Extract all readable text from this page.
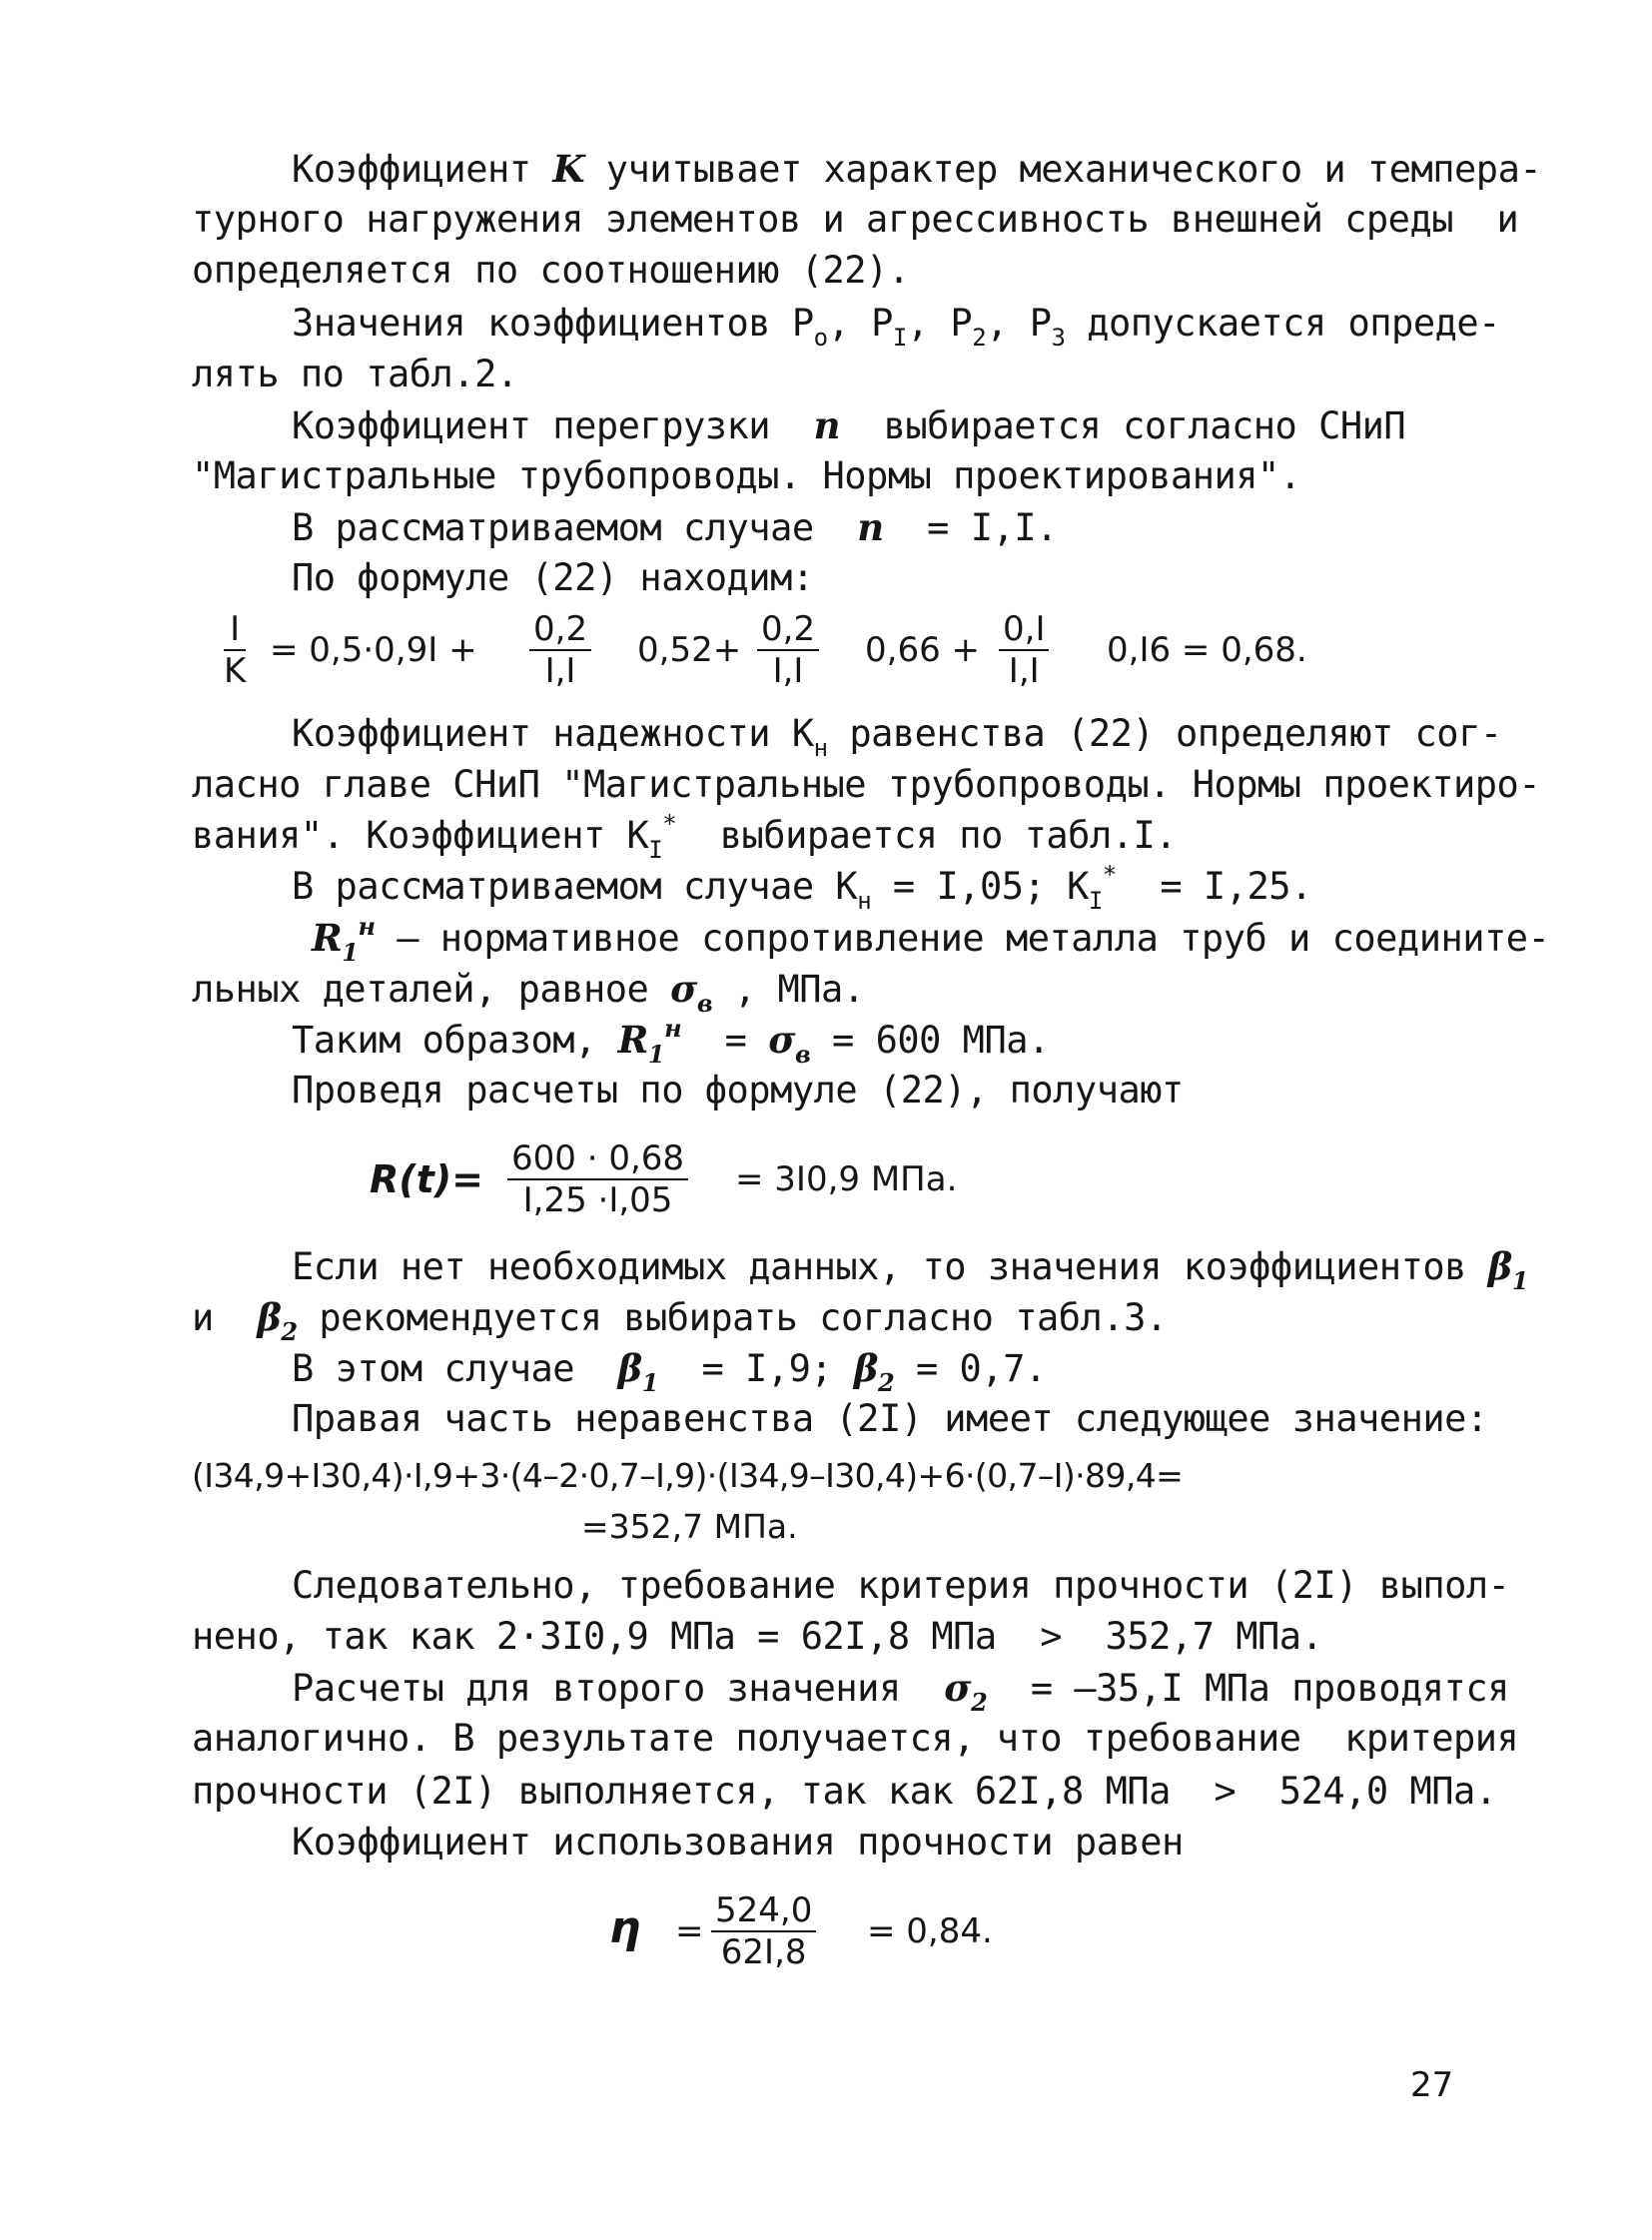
Коэффициент K учитывает характер механического и темпера-
турного нагружения элементов и агрессивность внешней среды  и
определяется по соотношению (22).
Значения коэффициентов $P_o$, $P_I$, $P_2$, $P_3$ допускается опреде-
лять по табл.2.
Коэффициент перегрузки  n  выбирается согласно СНиП
"Магистральные трубопроводы. Нормы проектирования".
В рассматриваемом случае  n  = I,I.
По формуле (22) находим:
$\frac{I}{K} = 0,5\cdot 0,9I + \frac{0,2}{I,I} 0,52+ \frac{0,2}{I,I} 0,66 + \frac{0,I}{I,I} 0,I6 = 0,68$.
Коэффициент надежности $K_н$ равенства (22) определяют сог-
ласно главе СНиП "Магистральные трубопроводы. Нормы проектиро-
вания". Коэффициент $K_I^*$  выбирается по табл.I.
В рассматриваемом случае $K_н = I,05$; $K_I^* = I,25$.
$R_1^н$ – нормативное сопротивление металла труб и соедините-
льных деталей, равное $\sigma_в$ , МПа.
Таким образом, $R_1^н = \sigma_в = 600$ МПа.
Проведя расчеты по формуле (22), получают
$R(t)= \frac{600 \cdot 0,68}{I,25 \cdot I,05} = 3I0,9$ МПа.
Если нет необходимых данных, то значения коэффициентов $\beta_1$
и  $\beta_2$ рекомендуется выбирать согласно табл.3.
В этом случае  $\beta_1 = I,9$; $\beta_2 = 0,7$.
Правая часть неравенства (2I) имеет следующее значение:
(I34,9+I30,4)·I,9+3·(4–2·0,7–I,9)·(I34,9–I30,4)+6·(0,7–I)·89,4=
=352,7 МПа.
Следовательно, требование критерия прочности (2I) выпол-
нено, так как 2·3I0,9 МПа = 62I,8 МПа  >  352,7 МПа.
Расчеты для второго значения  $\sigma_2 = -35,I$ МПа проводятся
аналогично. В результате получается, что требование  критерия
прочности (2I) выполняется, так как 62I,8 МПа  >  524,0 МПа.
Коэффициент использования прочности равен
$\eta = \frac{524,0}{62I,8} = 0,84$.
27
